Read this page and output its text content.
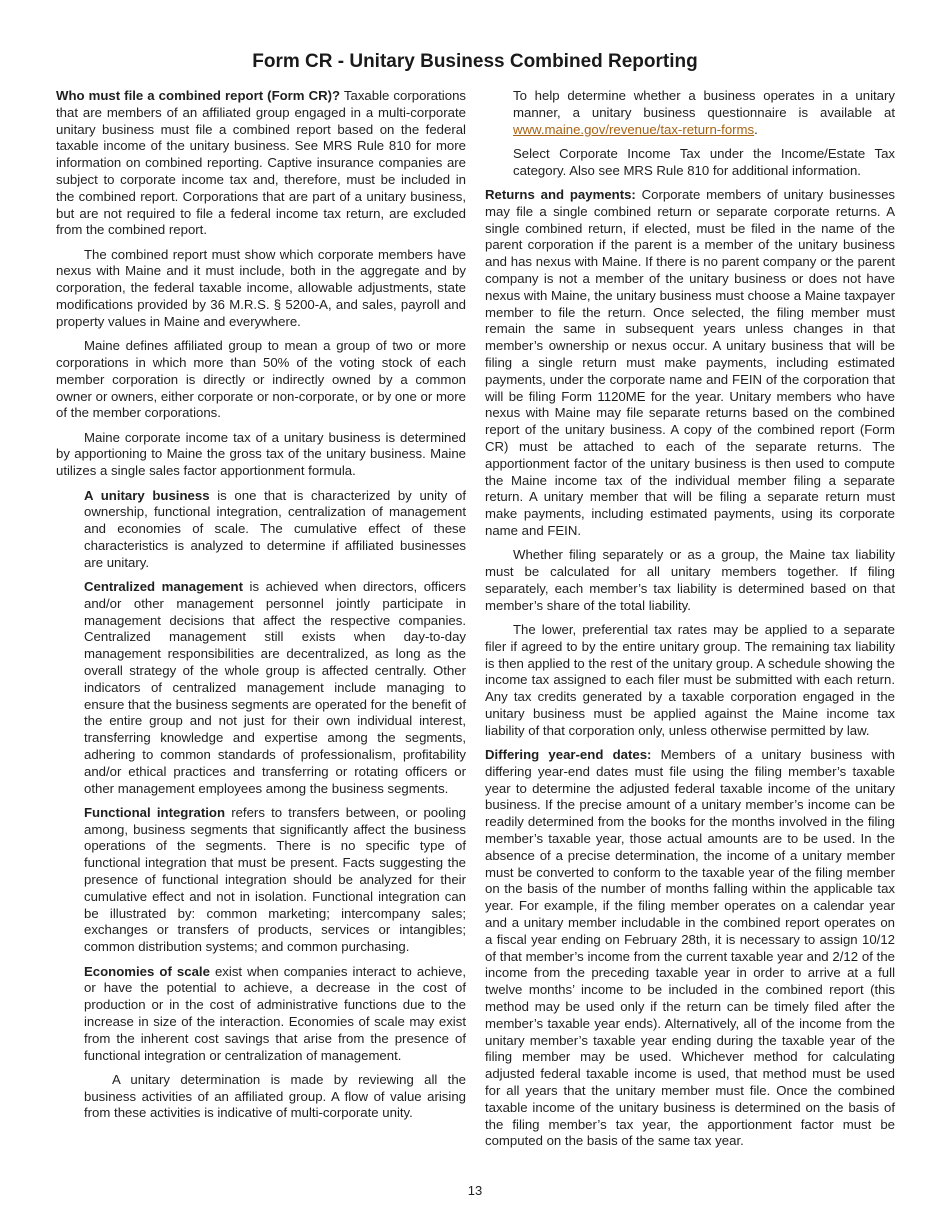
Form CR - Unitary Business Combined Reporting

Who must file a combined report (Form CR)? Taxable corporations that are members of an affiliated group engaged in a multi-corporate unitary business must file a combined report based on the federal taxable income of the unitary business. See MRS Rule 810 for more information on combined reporting. Captive insurance companies are subject to corporate income tax and, therefore, must be included in the combined report. Corporations that are part of a unitary business, but are not required to file a federal income tax return, are excluded from the combined report.

The combined report must show which corporate members have nexus with Maine and it must include, both in the aggregate and by corporation, the federal taxable income, allowable adjustments, state modifications provided by 36 M.R.S. § 5200-A, and sales, payroll and property values in Maine and everywhere.

Maine defines affiliated group to mean a group of two or more corporations in which more than 50% of the voting stock of each member corporation is directly or indirectly owned by a common owner or owners, either corporate or non-corporate, or by one or more of the member corporations.

Maine corporate income tax of a unitary business is determined by apportioning to Maine the gross tax of the unitary business. Maine utilizes a single sales factor apportionment formula.

A unitary business is one that is characterized by unity of ownership, functional integration, centralization of management and economies of scale. The cumulative effect of these characteristics is analyzed to determine if affiliated businesses are unitary.

Centralized management is achieved when directors, officers and/or other management personnel jointly participate in management decisions that affect the respective companies. Centralized management still exists when day-to-day management responsibilities are decentralized, as long as the overall strategy of the whole group is affected centrally. Other indicators of centralized management include managing to ensure that the business segments are operated for the benefit of the entire group and not just for their own individual interest, transferring knowledge and expertise among the segments, adhering to common standards of professionalism, profitability and/or ethical practices and transferring or rotating officers or other management employees among the business segments.

Functional integration refers to transfers between, or pooling among, business segments that significantly affect the business operations of the segments. There is no specific type of functional integration that must be present. Facts suggesting the presence of functional integration should be analyzed for their cumulative effect and not in isolation. Functional integration can be illustrated by: common marketing; intercompany sales; exchanges or transfers of products, services or intangibles; common distribution systems; and common purchasing.

Economies of scale exist when companies interact to achieve, or have the potential to achieve, a decrease in the cost of production or in the cost of administrative functions due to the increase in size of the interaction. Economies of scale may exist from the inherent cost savings that arise from the presence of functional integration or centralization of management.

A unitary determination is made by reviewing all the business activities of an affiliated group. A flow of value arising from these activities is indicative of multi-corporate unity.

To help determine whether a business operates in a unitary manner, a unitary business questionnaire is available at www.maine.gov/revenue/tax-return-forms.

Select Corporate Income Tax under the Income/Estate Tax category. Also see MRS Rule 810 for additional information.

Returns and payments: Corporate members of unitary businesses may file a single combined return or separate corporate returns. A single combined return, if elected, must be filed in the name of the parent corporation if the parent is a member of the unitary business and has nexus with Maine. If there is no parent company or the parent company is not a member of the unitary business or does not have nexus with Maine, the unitary business must choose a Maine taxpayer member to file the return. Once selected, the filing member must remain the same in subsequent years unless changes in that member’s ownership or nexus occur. A unitary business that will be filing a single return must make payments, including estimated payments, under the corporate name and FEIN of the corporation that will be filing Form 1120ME for the year. Unitary members who have nexus with Maine may file separate returns based on the combined report of the unitary business. A copy of the combined report (Form CR) must be attached to each of the separate returns. The apportionment factor of the unitary business is then used to compute the Maine income tax of the individual member filing a separate return. A unitary member that will be filing a separate return must make payments, including estimated payments, using its corporate name and FEIN.

Whether filing separately or as a group, the Maine tax liability must be calculated for all unitary members together. If filing separately, each member’s tax liability is determined based on that member’s share of the total liability.

The lower, preferential tax rates may be applied to a separate filer if agreed to by the entire unitary group. The remaining tax liability is then applied to the rest of the unitary group. A schedule showing the income tax assigned to each filer must be submitted with each return. Any tax credits generated by a taxable corporation engaged in the unitary business must be applied against the Maine income tax liability of that corporation only, unless otherwise permitted by law.

Differing year-end dates: Members of a unitary business with differing year-end dates must file using the filing member’s taxable year to determine the adjusted federal taxable income of the unitary business. If the precise amount of a unitary member’s income can be readily determined from the books for the months involved in the filing member’s taxable year, those actual amounts are to be used. In the absence of a precise determination, the income of a unitary member must be converted to conform to the taxable year of the filing member on the basis of the number of months falling within the applicable tax year. For example, if the filing member operates on a calendar year and a unitary member includable in the combined report operates on a fiscal year ending on February 28th, it is necessary to assign 10/12 of that member’s income from the current taxable year and 2/12 of the income from the preceding taxable year in order to arrive at a full twelve months’ income to be included in the combined report (this method may be used only if the return can be timely filed after the member’s taxable year ends). Alternatively, all of the income from the unitary member’s taxable year ending during the taxable year of the filing member may be used. Whichever method for calculating adjusted federal taxable income is used, that method must be used for all years that the unitary member must file. Once the combined taxable income of the unitary business is determined on the basis of the filing member’s tax year, the apportionment factor must be computed on the basis of the same tax year.

13
